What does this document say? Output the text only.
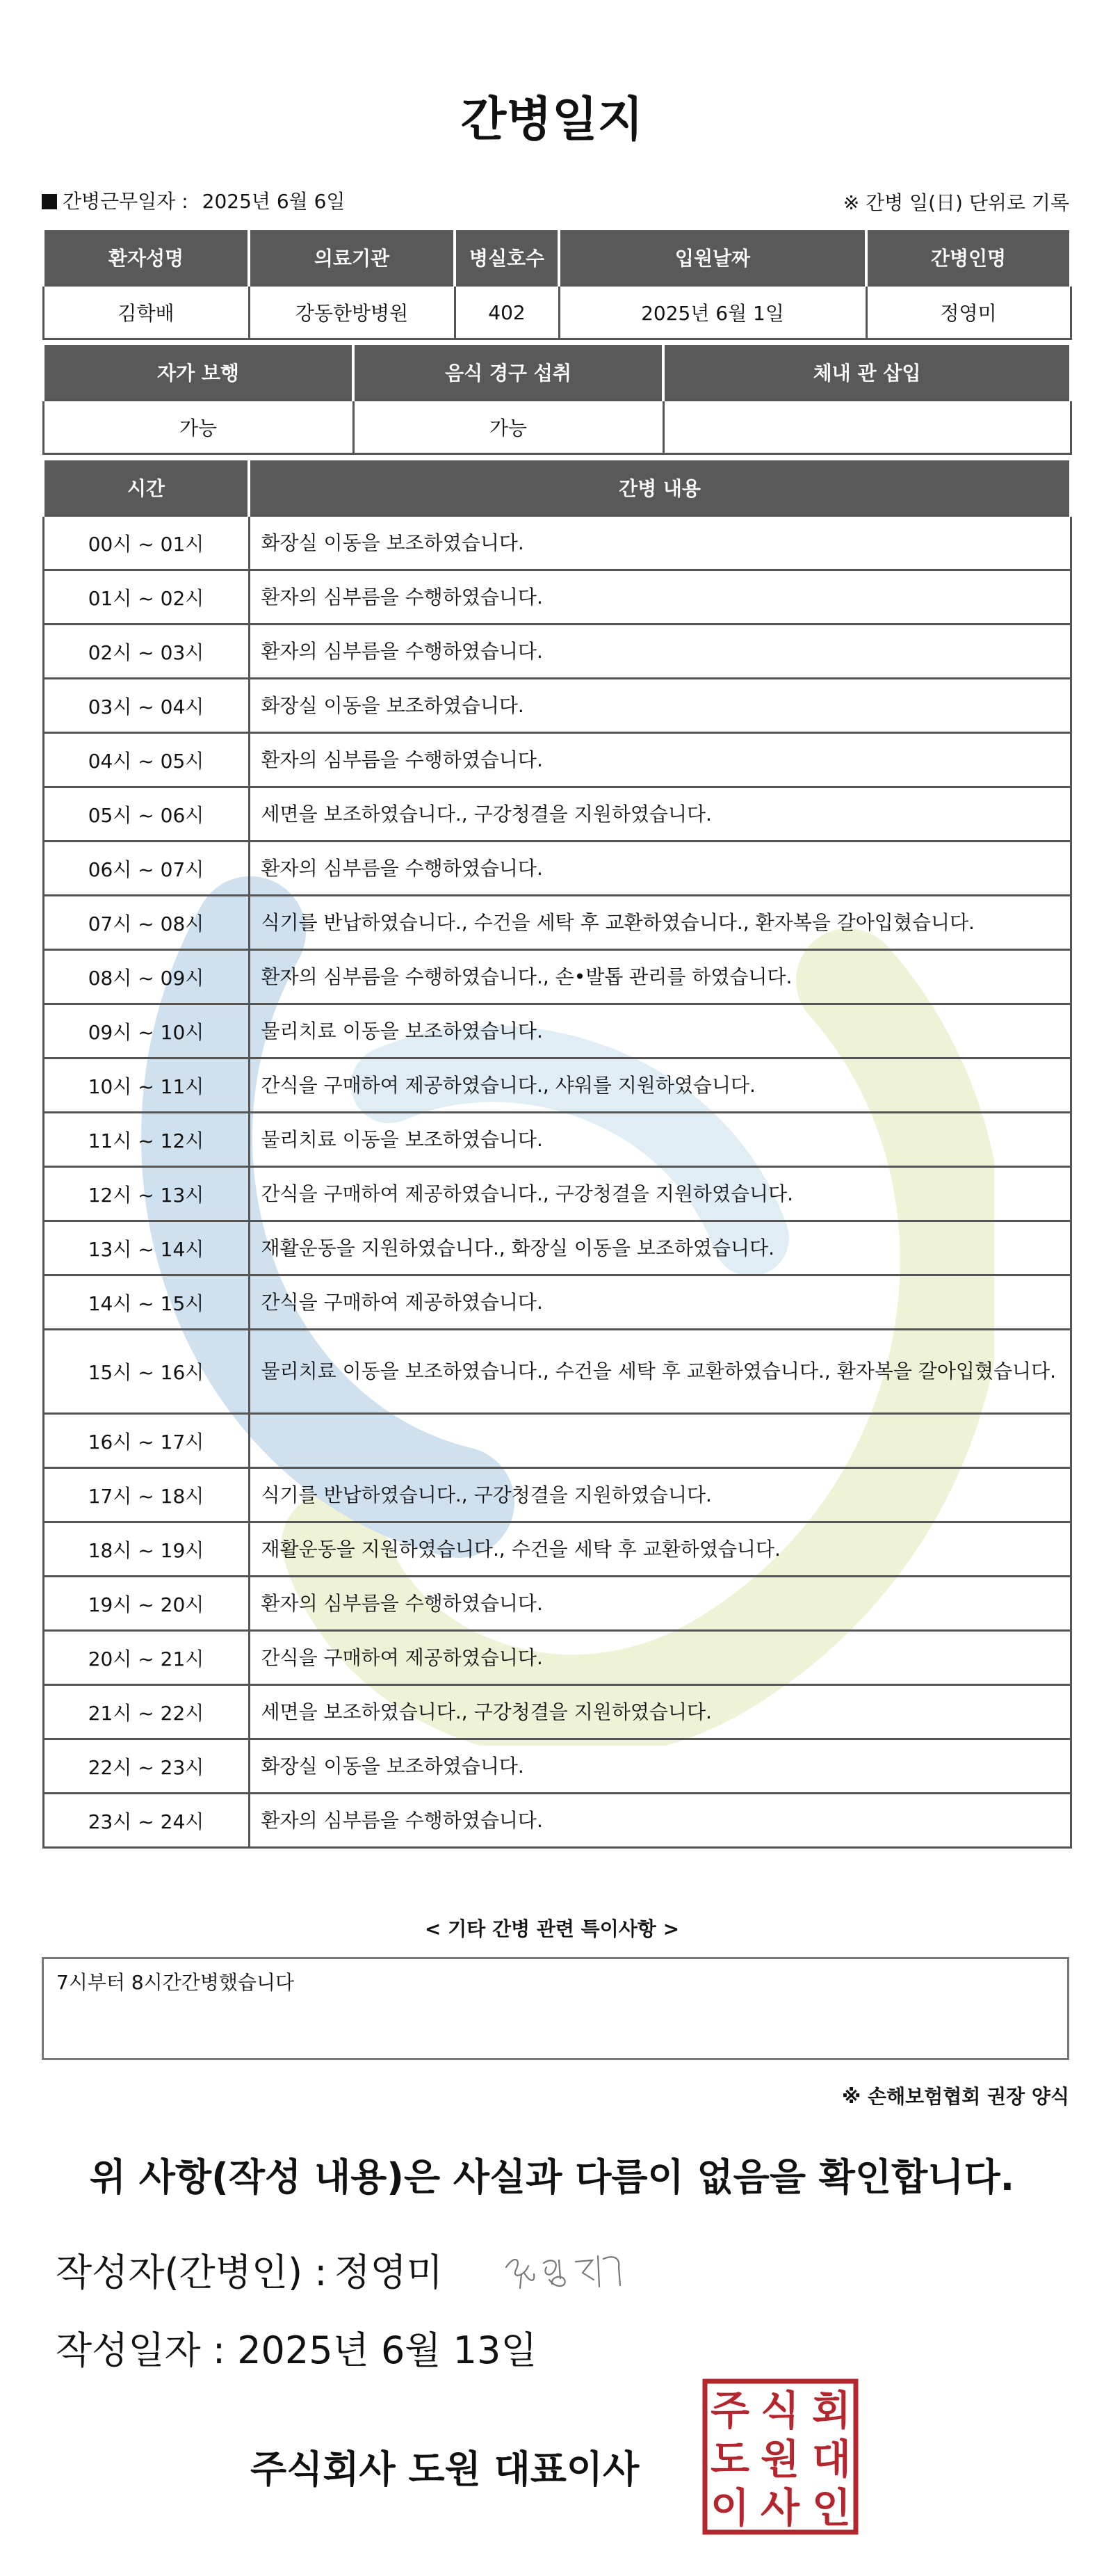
간병일지
간병근무일자 : 2025년 6월 6일	※ 간병 일(日) 단위로 기록
환자성명	의료기관	병실호수	입원날짜	간병인명
김학배	강동한방병원	402	2025년 6월 1일	정영미
자가 보행	음식 경구 섭취	체내 관 삽입
가능	가능	
시간	간병 내용
00시 ~ 01시	화장실 이동을 보조하였습니다.
01시 ~ 02시	환자의 심부름을 수행하였습니다.
02시 ~ 03시	환자의 심부름을 수행하였습니다.
03시 ~ 04시	화장실 이동을 보조하였습니다.
04시 ~ 05시	환자의 심부름을 수행하였습니다.
05시 ~ 06시	세면을 보조하였습니다., 구강청결을 지원하였습니다.
06시 ~ 07시	환자의 심부름을 수행하였습니다.
07시 ~ 08시	식기를 반납하였습니다., 수건을 세탁 후 교환하였습니다., 환자복을 갈아입혔습니다.
08시 ~ 09시	환자의 심부름을 수행하였습니다., 손•발톱 관리를 하였습니다.
09시 ~ 10시	물리치료 이동을 보조하였습니다.
10시 ~ 11시	간식을 구매하여 제공하였습니다., 샤워를 지원하였습니다.
11시 ~ 12시	물리치료 이동을 보조하였습니다.
12시 ~ 13시	간식을 구매하여 제공하였습니다., 구강청결을 지원하였습니다.
13시 ~ 14시	재활운동을 지원하였습니다., 화장실 이동을 보조하였습니다.
14시 ~ 15시	간식을 구매하여 제공하였습니다.
15시 ~ 16시	물리치료 이동을 보조하였습니다., 수건을 세탁 후 교환하였습니다., 환자복을 갈아입혔습니다.
16시 ~ 17시	
17시 ~ 18시	식기를 반납하였습니다., 구강청결을 지원하였습니다.
18시 ~ 19시	재활운동을 지원하였습니다., 수건을 세탁 후 교환하였습니다.
19시 ~ 20시	환자의 심부름을 수행하였습니다.
20시 ~ 21시	간식을 구매하여 제공하였습니다.
21시 ~ 22시	세면을 보조하였습니다., 구강청결을 지원하였습니다.
22시 ~ 23시	화장실 이동을 보조하였습니다.
23시 ~ 24시	환자의 심부름을 수행하였습니다.
< 기타 간병 관련 특이사항 >
7시부터 8시간간병했습니다
※ 손해보험협회 권장 양식
위 사항(작성 내용)은 사실과 다름이 없음을 확인합니다.
작성자(간병인) : 정영미
작성일자 : 2025년 6월 13일
주식회사 도원 대표이사
주 식 회
도 원 대
이 사 인
